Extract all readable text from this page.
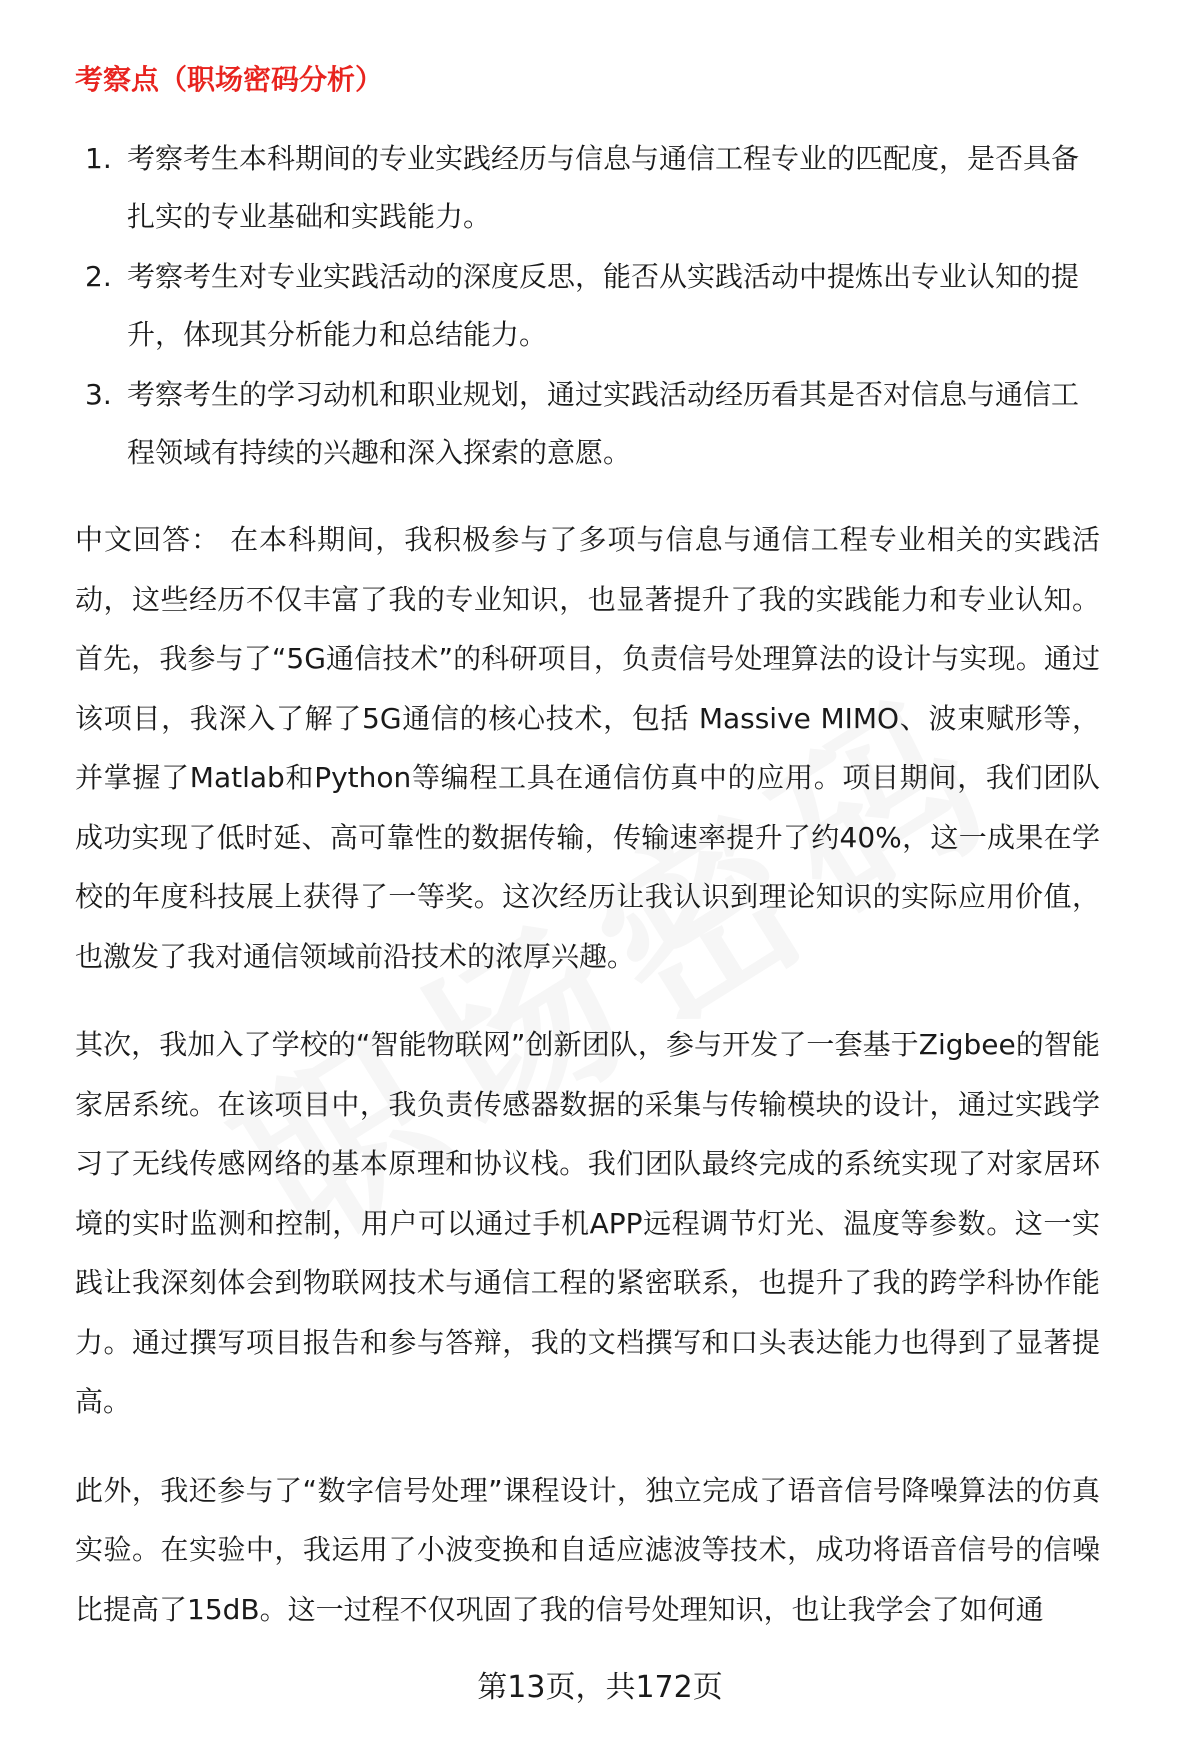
考察点（职场密码分析）
1. 考察考生本科期间的专业实践经历与信息与通信工程专业的匹配度，是否具备扎实的专业基础和实践能力。
2. 考察考生对专业实践活动的深度反思，能否从实践活动中提炼出专业认知的提升，体现其分析能力和总结能力。
3. 考察考生的学习动机和职业规划，通过实践活动经历看其是否对信息与通信工程领域有持续的兴趣和深入探索的意愿。

中文回答： 在本科期间，我积极参与了多项与信息与通信工程专业相关的实践活动，这些经历不仅丰富了我的专业知识，也显著提升了我的实践能力和专业认知。首先，我参与了“5G通信技术”的科研项目，负责信号处理算法的设计与实现。通过该项目，我深入了解了5G通信的核心技术，包括 Massive MIMO、波束赋形等，并掌握了Matlab和Python等编程工具在通信仿真中的应用。项目期间，我们团队成功实现了低时延、高可靠性的数据传输，传输速率提升了约40%，这一成果在学校的年度科技展上获得了一等奖。这次经历让我认识到理论知识的实际应用价值，也激发了我对通信领域前沿技术的浓厚兴趣。

其次，我加入了学校的“智能物联网”创新团队，参与开发了一套基于Zigbee的智能家居系统。在该项目中，我负责传感器数据的采集与传输模块的设计，通过实践学习了无线传感网络的基本原理和协议栈。我们团队最终完成的系统实现了对家居环境的实时监测和控制，用户可以通过手机APP远程调节灯光、温度等参数。这一实践让我深刻体会到物联网技术与通信工程的紧密联系，也提升了我的跨学科协作能力。通过撰写项目报告和参与答辩，我的文档撰写和口头表达能力也得到了显著提高。

此外，我还参与了“数字信号处理”课程设计，独立完成了语音信号降噪算法的仿真实验。在实验中，我运用了小波变换和自适应滤波等技术，成功将语音信号的信噪比提高了15dB。这一过程不仅巩固了我的信号处理知识，也让我学会了如何通

第13页，共172页
